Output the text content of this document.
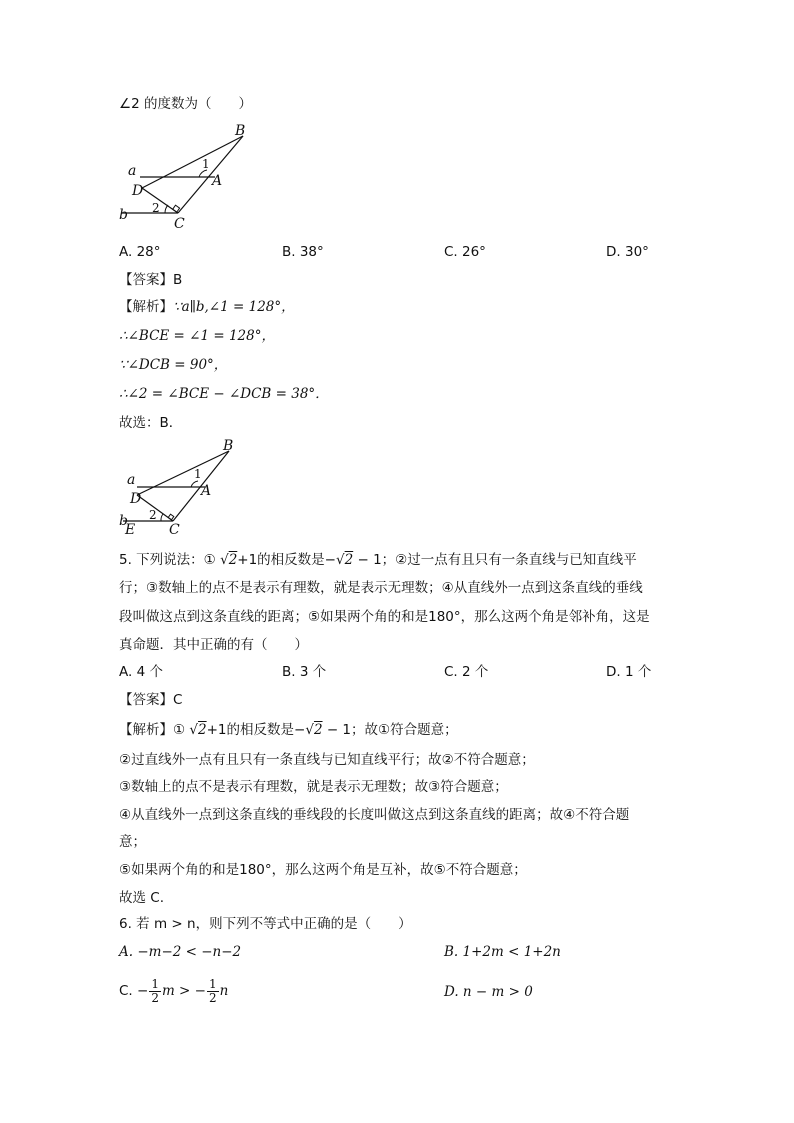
∠2 的度数为（　　）
B
a	1
A
D
2
b
C
A. 28°	B. 38°	C. 26°	D. 30°
【答案】B
【解析】∵a∥b,∠1 = 128°，
∴∠BCE = ∠1 = 128°，
∵∠DCB = 90°，
∴∠2 = ∠BCE − ∠DCB = 38°．
故选：B．
B
a	1
A
D
2
b
E C
5. 下列说法：① √2+1的相反数是−√2 − 1；②过一点有且只有一条直线与已知直线平
行；③数轴上的点不是表示有理数，就是表示无理数；④从直线外一点到这条直线的垂线
段叫做这点到这条直线的距离；⑤如果两个角的和是180°，那么这两个角是邻补角，这是
真命题．其中正确的有（　　）
A. 4 个	B. 3 个	C. 2 个	D. 1 个
【答案】C
【解析】① √2+1的相反数是−√2 − 1；故①符合题意；
②过直线外一点有且只有一条直线与已知直线平行；故②不符合题意；
③数轴上的点不是表示有理数，就是表示无理数；故③符合题意；
④从直线外一点到这条直线的垂线段的长度叫做这点到这条直线的距离；故④不符合题
意；
⑤如果两个角的和是180°，那么这两个角是互补，故⑤不符合题意；
故选 C.
6. 若 m > n，则下列不等式中正确的是（　　）
A. −m−2 < −n−2	B. 1+2m < 1+2n
C. − $\frac{1}{2}$ m > − $\frac{1}{2}$ n	D. n − m > 0
